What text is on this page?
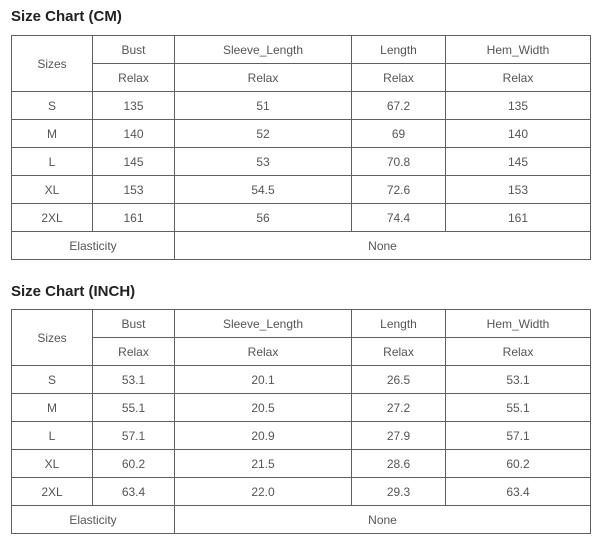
Size Chart (CM)
Sizes	Bust	Sleeve_Length	Length	Hem_Width
	Relax	Relax	Relax	Relax
S	135	51	67.2	135
M	140	52	69	140
L	145	53	70.8	145
XL	153	54.5	72.6	153
2XL	161	56	74.4	161
Elasticity		None		
Size Chart (INCH)
Sizes	Bust	Sleeve_Length	Length	Hem_Width
	Relax	Relax	Relax	Relax
S	53.1	20.1	26.5	53.1
M	55.1	20.5	27.2	55.1
L	57.1	20.9	27.9	57.1
XL	60.2	21.5	28.6	60.2
2XL	63.4	22.0	29.3	63.4
Elasticity		None		
